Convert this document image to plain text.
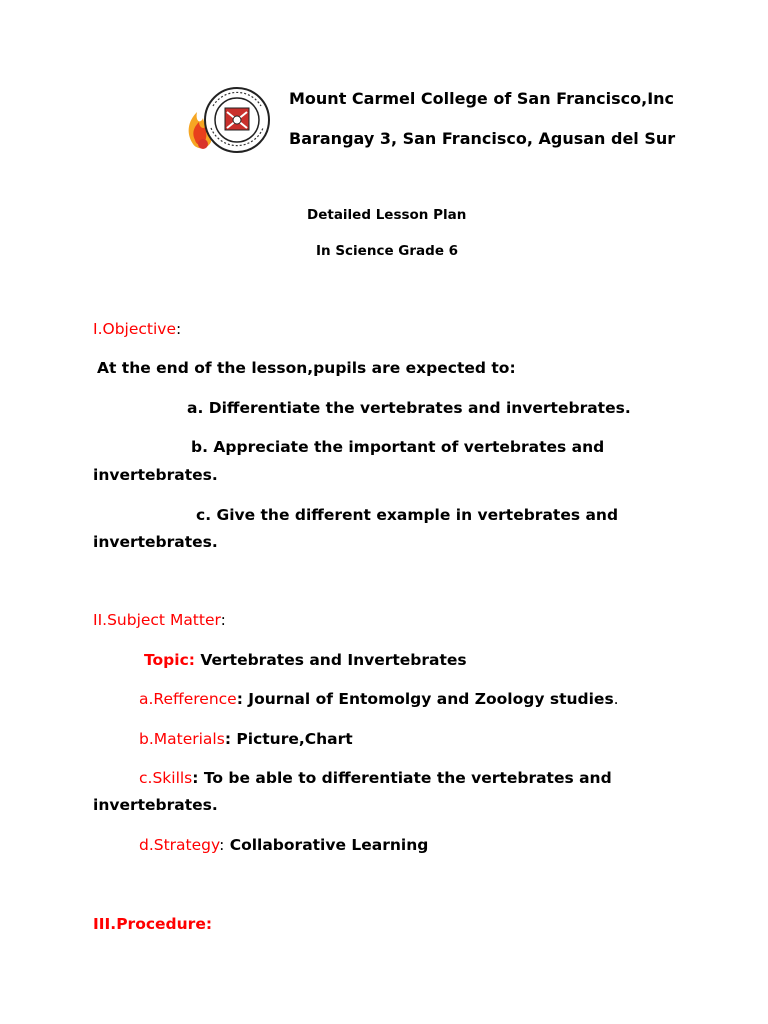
Mount Carmel College of San Francisco,Inc
Barangay 3, San Francisco, Agusan del Sur
Detailed Lesson Plan
In Science Grade 6
I.Objective:
At the end of the lesson,pupils are expected to:
a. Differentiate the vertebrates and invertebrates.
b. Appreciate the important of vertebrates and
invertebrates.
c. Give the different example in vertebrates and
invertebrates.
II.Subject Matter:
Topic: Vertebrates and Invertebrates
a.Refference: Journal of Entomolgy and Zoology studies.
b.Materials: Picture,Chart
c.Skills: To be able to differentiate the vertebrates and
invertebrates.
d.Strategy: Collaborative Learning
III.Procedure:
